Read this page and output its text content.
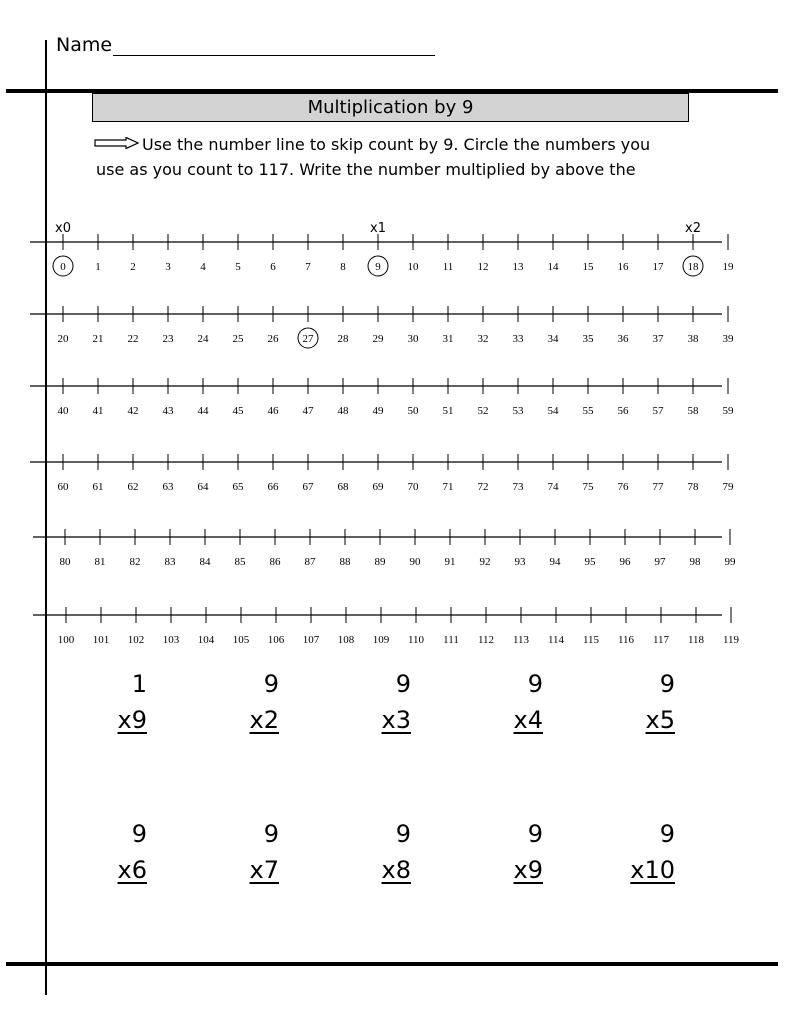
Name
Multiplication by 9
Use the number line to skip count by 9. Circle the numbers you
use as you count to 117. Write the number multiplied by above the
0
x0
1	2	3	4	5	6	7	8	9
x1
10 11 12 13 14 15 16 17 18
x2
19
20 21 22 23 24 25 26 27 28 29 30 31 32 33 34 35 36 37 38 39
40 41 42 43 44 45 46 47 48 49 50 51 52 53 54 55 56 57 58 59
60 61 62 63 64 65 66 67 68 69 70 71 72 73 74 75 76 77 78 79
80 81 82 83 84 85 86 87 88 89 90 91 92 93 94 95 96 97 98 99
100 101 102 103 104 105 106 107 108 109 110 111 112 113 114 115 116 117 118 119
1
x9
9
x2
9
x3
9
x4
9
x5
9
x6
9
x7
9
x8
9
x9
9
x10
